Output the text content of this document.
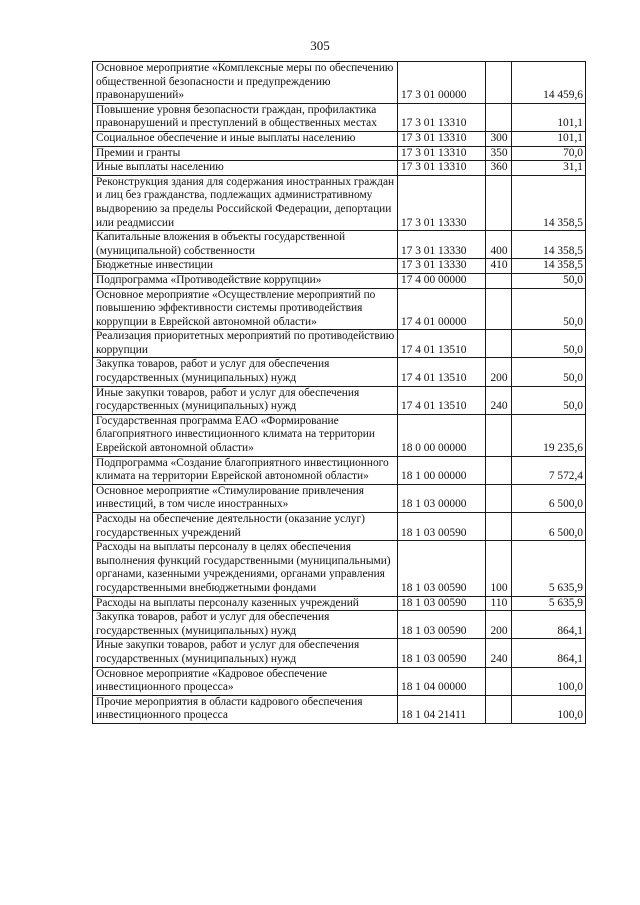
305
Основное мероприятие «Комплексные меры по обеспечению общественной безопасности и предупреждению правонарушений»	17 3 01 00000		14 459,6
Повышение уровня безопасности граждан, профилактика правонарушений и преступлений в общественных местах	17 3 01 13310		101,1
Социальное обеспечение и иные выплаты населению	17 3 01 13310	300	101,1
Премии и гранты	17 3 01 13310	350	70,0
Иные выплаты населению	17 3 01 13310	360	31,1
Реконструкция здания для содержания иностранных граждан и лиц без гражданства, подлежащих административному выдворению за пределы Российской Федерации, депортации или реадмиссии	17 3 01 13330		14 358,5
Капитальные вложения в объекты государственной (муниципальной) собственности	17 3 01 13330	400	14 358,5
Бюджетные инвестиции	17 3 01 13330	410	14 358,5
Подпрограмма «Противодействие коррупции»	17 4 00 00000		50,0
Основное мероприятие «Осуществление мероприятий по повышению эффективности системы противодействия коррупции в Еврейской автономной области»	17 4 01 00000		50,0
Реализация приоритетных мероприятий по противодействию коррупции	17 4 01 13510		50,0
Закупка товаров, работ и услуг для обеспечения государственных (муниципальных) нужд	17 4 01 13510	200	50,0
Иные закупки товаров, работ и услуг для обеспечения государственных (муниципальных) нужд	17 4 01 13510	240	50,0
Государственная программа ЕАО «Формирование благоприятного инвестиционного климата на территории Еврейской автономной области»	18 0 00 00000		19 235,6
Подпрограмма «Создание благоприятного инвестиционного климата на территории Еврейской автономной области»	18 1 00 00000		7 572,4
Основное мероприятие «Стимулирование привлечения инвестиций, в том числе иностранных»	18 1 03 00000		6 500,0
Расходы на обеспечение деятельности (оказание услуг) государственных учреждений	18 1 03 00590		6 500,0
Расходы на выплаты персоналу в целях обеспечения выполнения функций государственными (муниципальными) органами, казенными учреждениями, органами управления государственными внебюджетными фондами	18 1 03 00590	100	5 635,9
Расходы на выплаты персоналу казенных учреждений	18 1 03 00590	110	5 635,9
Закупка товаров, работ и услуг для обеспечения государственных (муниципальных) нужд	18 1 03 00590	200	864,1
Иные закупки товаров, работ и услуг для обеспечения государственных (муниципальных) нужд	18 1 03 00590	240	864,1
Основное мероприятие «Кадровое обеспечение инвестиционного процесса»	18 1 04 00000		100,0
Прочие мероприятия в области кадрового обеспечения инвестиционного процесса	18 1 04 21411		100,0
